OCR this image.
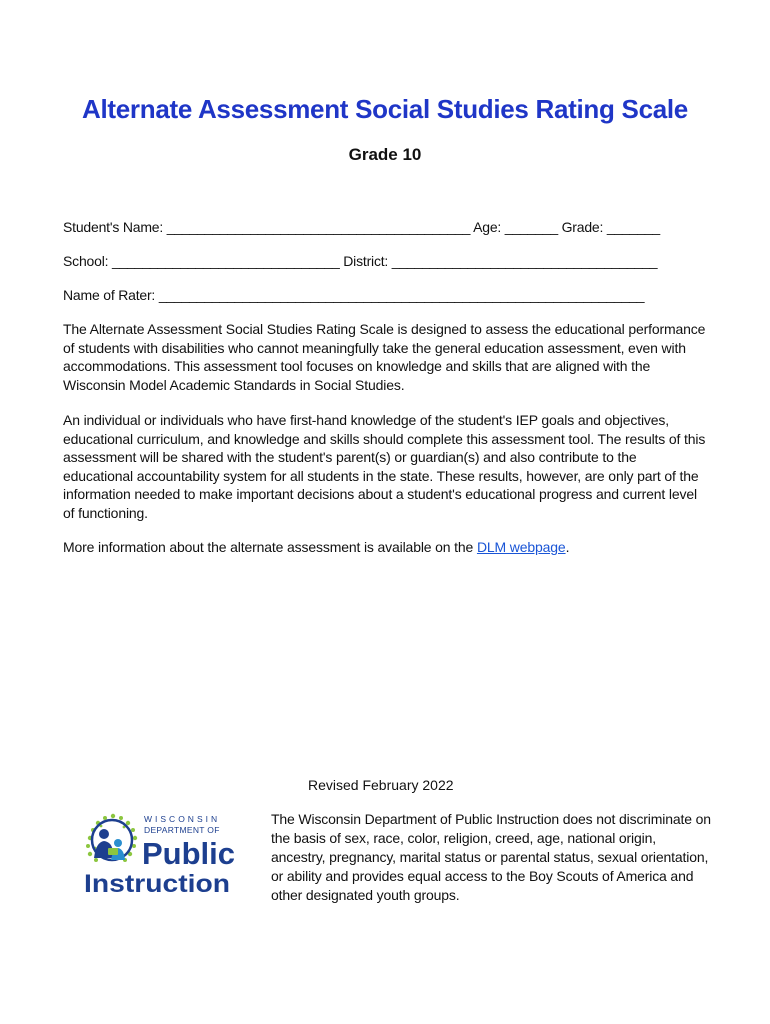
Alternate Assessment Social Studies Rating Scale
Grade 10
Student's Name: ________________________________________ Age: _______ Grade: _______
School: ______________________________ District: ___________________________________
Name of Rater: ________________________________________________________________

The Alternate Assessment Social Studies Rating Scale is designed to assess the educational performance of students with disabilities who cannot meaningfully take the general education assessment, even with accommodations. This assessment tool focuses on knowledge and skills that are aligned with the Wisconsin Model Academic Standards in Social Studies.

An individual or individuals who have first-hand knowledge of the student's IEP goals and objectives, educational curriculum, and knowledge and skills should complete this assessment tool. The results of this assessment will be shared with the student's parent(s) or guardian(s) and also contribute to the educational accountability system for all students in the state. These results, however, are only part of the information needed to make important decisions about a student's educational progress and current level of functioning.

More information about the alternate assessment is available on the DLM webpage.

Revised February 2022
WISCONSIN
DEPARTMENT OF
Public
Instruction

The Wisconsin Department of Public Instruction does not discriminate on the basis of sex, race, color, religion, creed, age, national origin, ancestry, pregnancy, marital status or parental status, sexual orientation, or ability and provides equal access to the Boy Scouts of America and other designated youth groups.
